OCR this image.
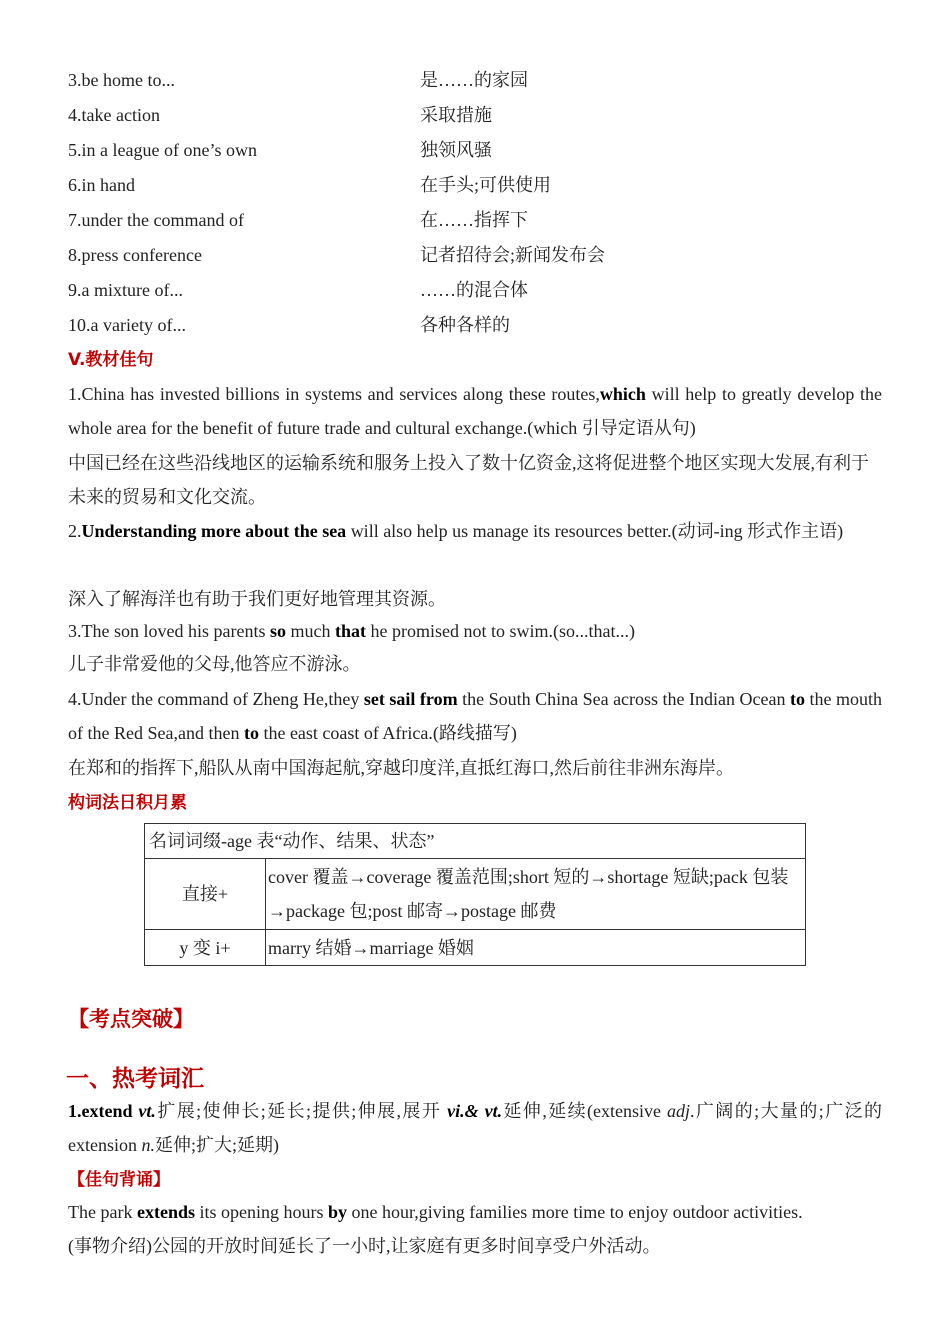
3.be home to...	是……的家园
4.take action	采取措施
5.in a league of one’s own	独领风骚
6.in hand	在手头;可供使用
7.under the command of	在……指挥下
8.press conference	记者招待会;新闻发布会
9.a mixture of...	……的混合体
10.a variety of...	各种各样的
V.教材佳句
1.China has invested billions in systems and services along these routes,which will help to greatly develop the whole area for the benefit of future trade and cultural exchange.(which 引导定语从句)
中国已经在这些沿线地区的运输系统和服务上投入了数十亿资金,这将促进整个地区实现大发展,有利于未来的贸易和文化交流。
2.Understanding more about the sea will also help us manage its resources better.(动词-ing 形式作主语)
深入了解海洋也有助于我们更好地管理其资源。
3.The son loved his parents so much that he promised not to swim.(so...that...)
儿子非常爱他的父母,他答应不游泳。
4.Under the command of Zheng He,they set sail from the South China Sea across the Indian Ocean to the mouth of the Red Sea,and then to the east coast of Africa.(路线描写)
在郑和的指挥下,船队从南中国海起航,穿越印度洋,直抵红海口,然后前往非洲东海岸。
构词法日积月累
名词词缀-age 表“动作、结果、状态”	
直接+	cover 覆盖→coverage 覆盖范围;short 短的→shortage 短缺;pack 包装→package 包;post 邮寄→postage 邮费
y 变 i+	marry 结婚→marriage 婚姻
【考点突破】
一、热考词汇
1.extend vt.扩展;使伸长;延长;提供;伸展,展开 vi.& vt.延伸,延续(extensive adj.广阔的;大量的;广泛的 extension n.延伸;扩大;延期)
【佳句背诵】
The park extends its opening hours by one hour,giving families more time to enjoy outdoor activities.
(事物介绍)公园的开放时间延长了一小时,让家庭有更多时间享受户外活动。
